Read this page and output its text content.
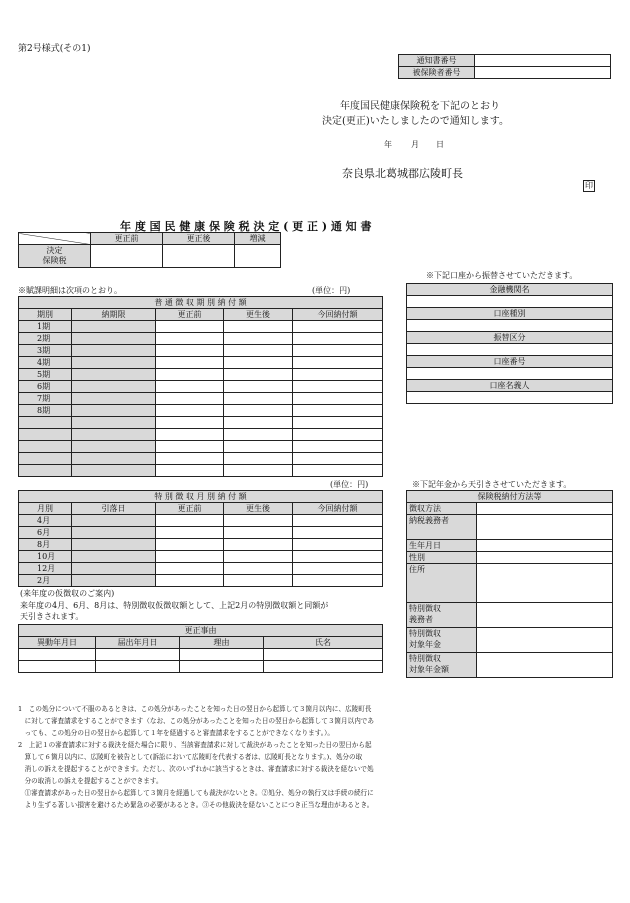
第2号様式(その1)
通知書番号	
被保険者番号	
年度国民健康保険税を下記のとおり
決定(更正)いたしましたので通知します。
年 月 日
奈良県北葛城郡広陵町長
印
年 度 国 民 健 康 保 険 税 決 定 ( 更 正 ) 通 知 書
	更正前	更正後	増減
決定
保険税			
※賦課明細は次項のとおり。	(単位：円)
普 通 徴 収 期 別 納 付 額				
期別	納期限	更正前	更生後	今回納付額
1期				
2期				
3期				
4期				
5期				
6期				
7期				
8期				

※下記口座から振替させていただきます。
金融機関名

口座種別

振替区分

口座番号

口座名義人

(単位：円)
特 別 徴 収 月 別 納 付 額				
月別	引落日	更正前	更生後	今回納付額
4月				
6月				
8月				
10月				
12月				
2月				
(来年度の仮徴収のご案内)
来年度の4月、6月、8月は、特別徴収仮徴収額として、上記2月の特別徴収額と同額が
天引きされます。
※下記年金から天引きさせていただきます。
保険税納付方法等	
徴収方法	
納税義務者	
生年月日	
性別	
住所	
特別徴収
義務者	
特別徴収
対象年金	
特別徴収
対象年金額	
更正事由			
異動年月日	届出年月日	理由	氏名

1　この処分について不服のあるときは、この処分があったことを知った日の翌日から起算して３箇月以内に、広陵町長
　に対して審査請求をすることができます（なお、この処分があったことを知った日の翌日から起算して３箇月以内であ
　っても、この処分の日の翌日から起算して１年を経過すると審査請求をすることができなくなります。）。
2　上記１の審査請求に対する裁決を経た場合に限り、当該審査請求に対して裁決があったことを知った日の翌日から起
　算して６箇月以内に、広陵町を被告として(訴訟において広陵町を代表する者は、広陵町長となります。)、処分の取
　消しの訴えを提起することができます。ただし、次のいずれかに該当するときは、審査請求に対する裁決を経ないで処
　分の取消しの訴えを提起することができます。
　①審査請求があった日の翌日から起算して３箇月を経過しても裁決がないとき。②処分、処分の執行又は手続の続行に
　より生ずる著しい損害を避けるため緊急の必要があるとき。③その他裁決を経ないことにつき正当な理由があるとき。
